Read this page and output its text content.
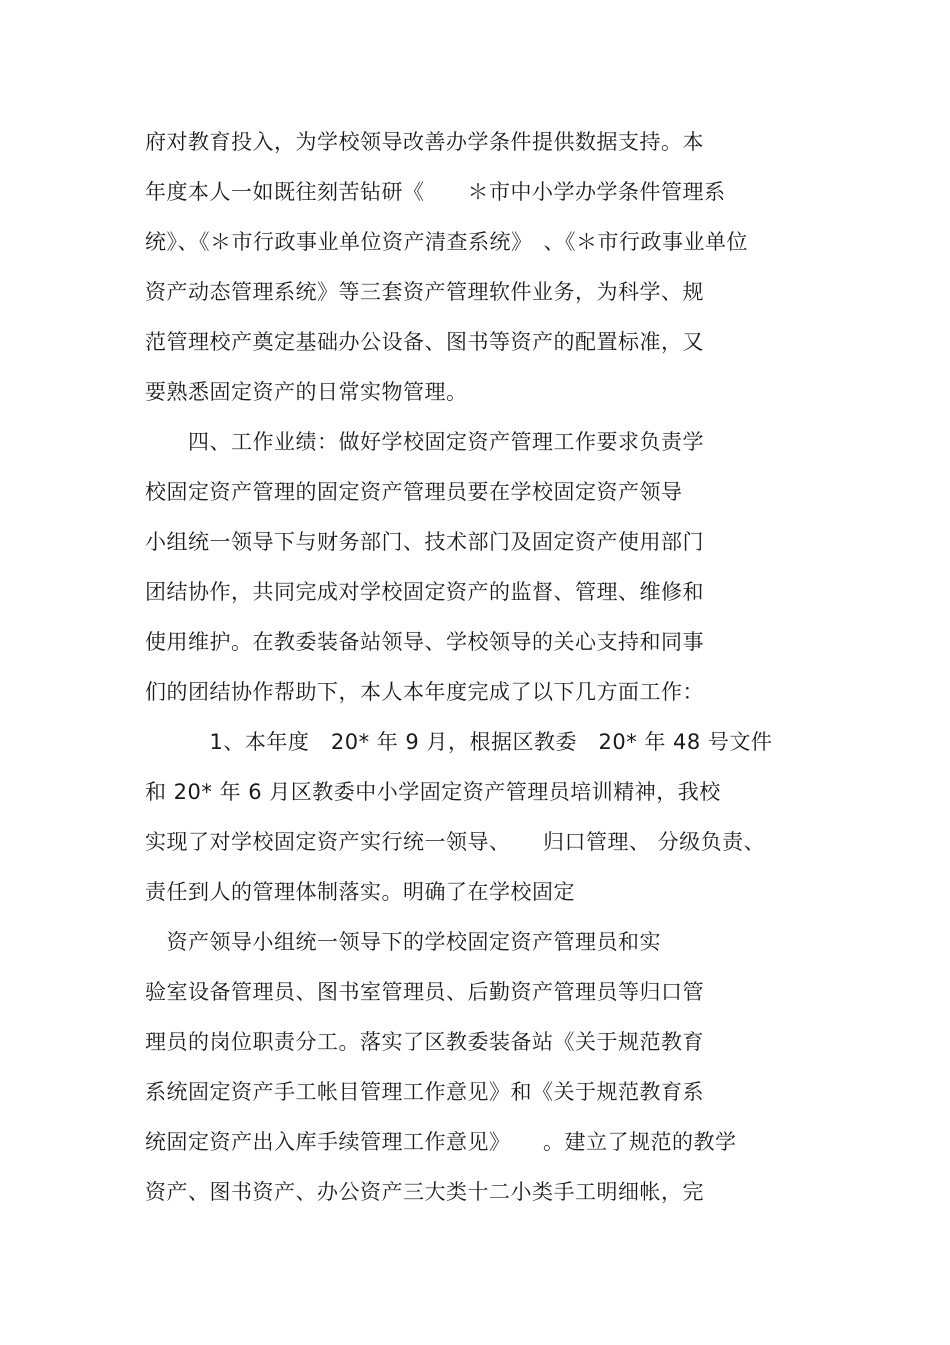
府对教育投入，为学校领导改善办学条件提供数据支持。本
年度本人一如既往刻苦钻研《　　＊市中小学办学条件管理系
统》、《＊市行政事业单位资产清查系统》　、《＊市行政事业单位
资产动态管理系统》等三套资产管理软件业务，为科学、规
范管理校产奠定基础办公设备、图书等资产的配置标准，又
要熟悉固定资产的日常实物管理。
　　四、工作业绩：做好学校固定资产管理工作要求负责学
校固定资产管理的固定资产管理员要在学校固定资产领导
小组统一领导下与财务部门、技术部门及固定资产使用部门
团结协作，共同完成对学校固定资产的监督、管理、维修和
使用维护。在教委装备站领导、学校领导的关心支持和同事
们的团结协作帮助下，本人本年度完成了以下几方面工作：
　　　1、本年度　20* 年 9 月，根据区教委　20* 年 48 号文件
和 20* 年 6 月区教委中小学固定资产管理员培训精神，我校
实现了对学校固定资产实行统一领导、　　归口管理、 分级负责、
责任到人的管理体制落实。明确了在学校固定
　资产领导小组统一领导下的学校固定资产管理员和实
验室设备管理员、图书室管理员、后勤资产管理员等归口管
理员的岗位职责分工。落实了区教委装备站《关于规范教育
系统固定资产手工帐目管理工作意见》和《关于规范教育系
统固定资产出入库手续管理工作意见》　　。建立了规范的教学
资产、图书资产、办公资产三大类十二小类手工明细帐，完
